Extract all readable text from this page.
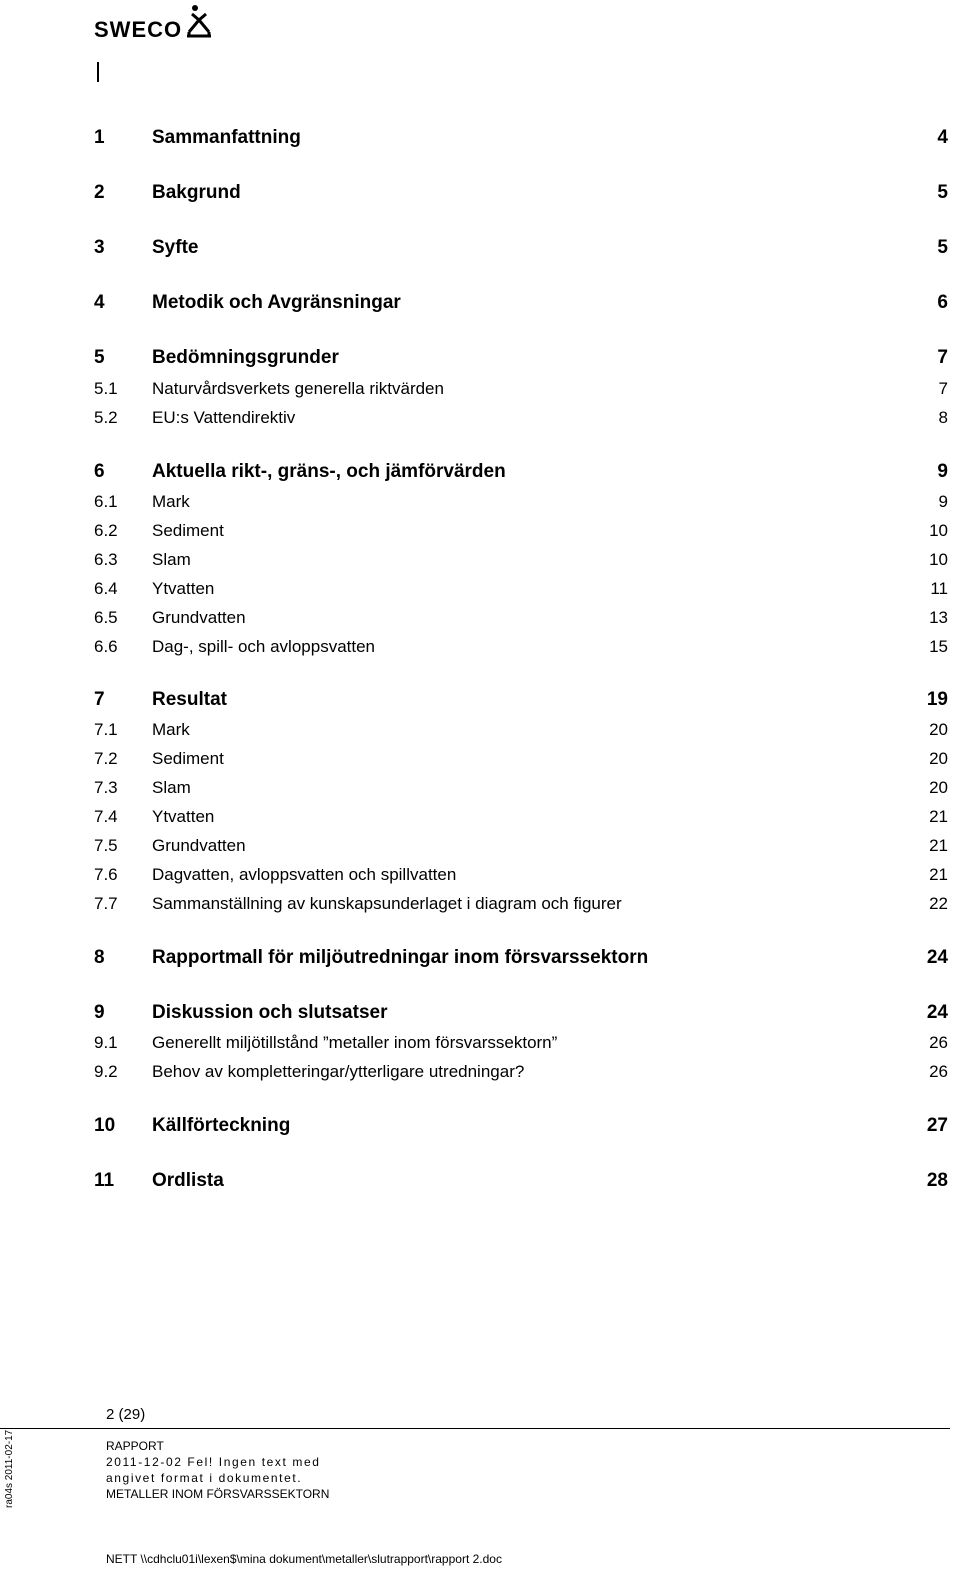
SWECO
1 Sammanfattning	4
2 Bakgrund	5
3 Syfte	5
4 Metodik och Avgränsningar	6
5 Bedömningsgrunder	7
5.1 Naturvårdsverkets generella riktvärden	7
5.2 EU:s Vattendirektiv	8
6 Aktuella rikt-, gräns-, och jämförvärden	9
6.1 Mark	9
6.2 Sediment	10
6.3 Slam	10
6.4 Ytvatten	11
6.5 Grundvatten	13
6.6 Dag-, spill- och avloppsvatten	15
7 Resultat	19
7.1 Mark	20
7.2 Sediment	20
7.3 Slam	20
7.4 Ytvatten	21
7.5 Grundvatten	21
7.6 Dagvatten, avloppsvatten och spillvatten	21
7.7 Sammanställning av kunskapsunderlaget i diagram och figurer	22
8 Rapportmall för miljöutredningar inom försvarssektorn	24
9 Diskussion och slutsatser	24
9.1 Generellt miljötillstånd ”metaller inom försvarssektorn”	26
9.2 Behov av kompletteringar/ytterligare utredningar?	26
10 Källförteckning	27
11 Ordlista	28
ra04s 2011-02-17
2 (29)
RAPPORT
2011-12-02 Fel! Ingen text med
angivet format i dokumentet.
METALLER INOM FÖRSVARSSEKTORN
NETT \\cdhclu01i\lexen$\mina dokument\metaller\slutrapport\rapport 2.doc
